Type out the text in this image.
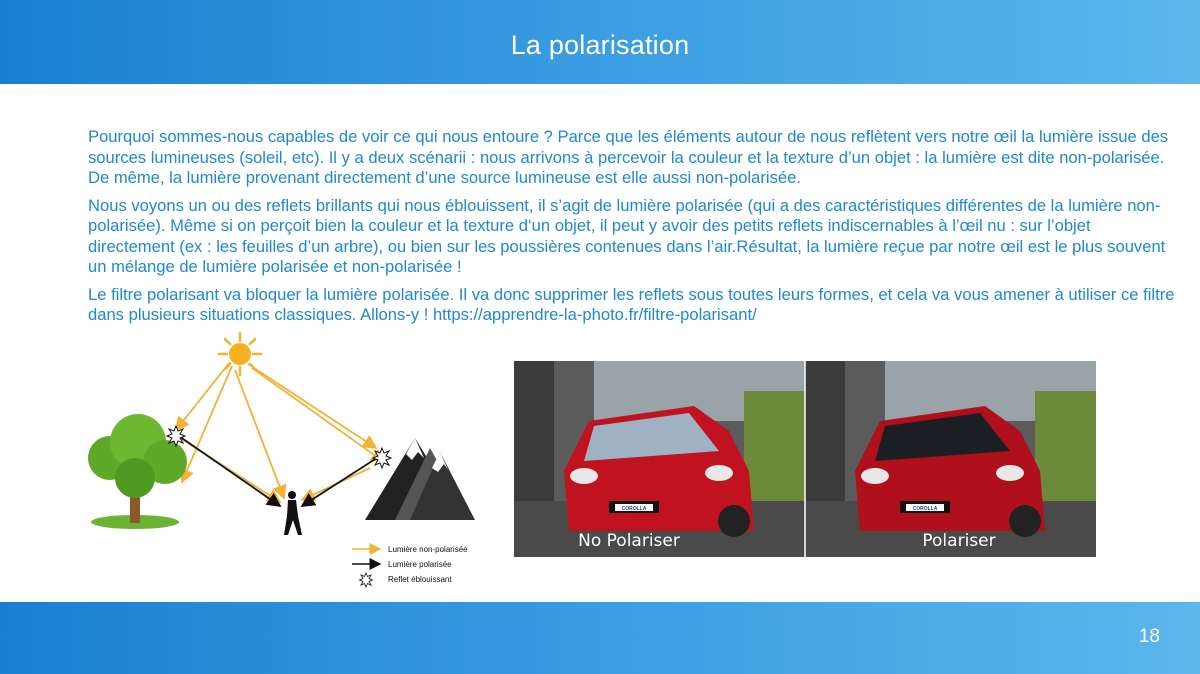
La polarisation

Pourquoi sommes-nous capables de voir ce qui nous entoure ? Parce que les éléments autour de nous reflètent vers notre œil la lumière issue des sources lumineuses (soleil, etc). Il y a deux scénarii : nous arrivons à percevoir la couleur et la texture d’un objet : la lumière est dite non-polarisée. De même, la lumière provenant directement d’une source lumineuse est elle aussi non-polarisée.

Nous voyons un ou des reflets brillants qui nous éblouissent, il s’agit de lumière polarisée (qui a des caractéristiques différentes de la lumière non-polarisée). Même si on perçoit bien la couleur et la texture d‘un objet, il peut y avoir des petits reflets indiscernables à l’œil nu : sur l’objet directement (ex : les feuilles d’un arbre), ou bien sur les poussières contenues dans l’air.Résultat, la lumière reçue par notre œil est le plus souvent un mélange de lumière polarisée et non-polarisée !

Le filtre polarisant va bloquer la lumière polarisée. Il va donc supprimer les reflets sous toutes leurs formes, et cela va vous amener à utiliser ce filtre dans plusieurs situations classiques. Allons-y ! https://apprendre-la-photo.fr/filtre-polarisant/

Lumière non-polarisée
Lumière polarisée
Reflet éblouissant
COROLLA	COROLLA
No Polariser	Polariser
18
